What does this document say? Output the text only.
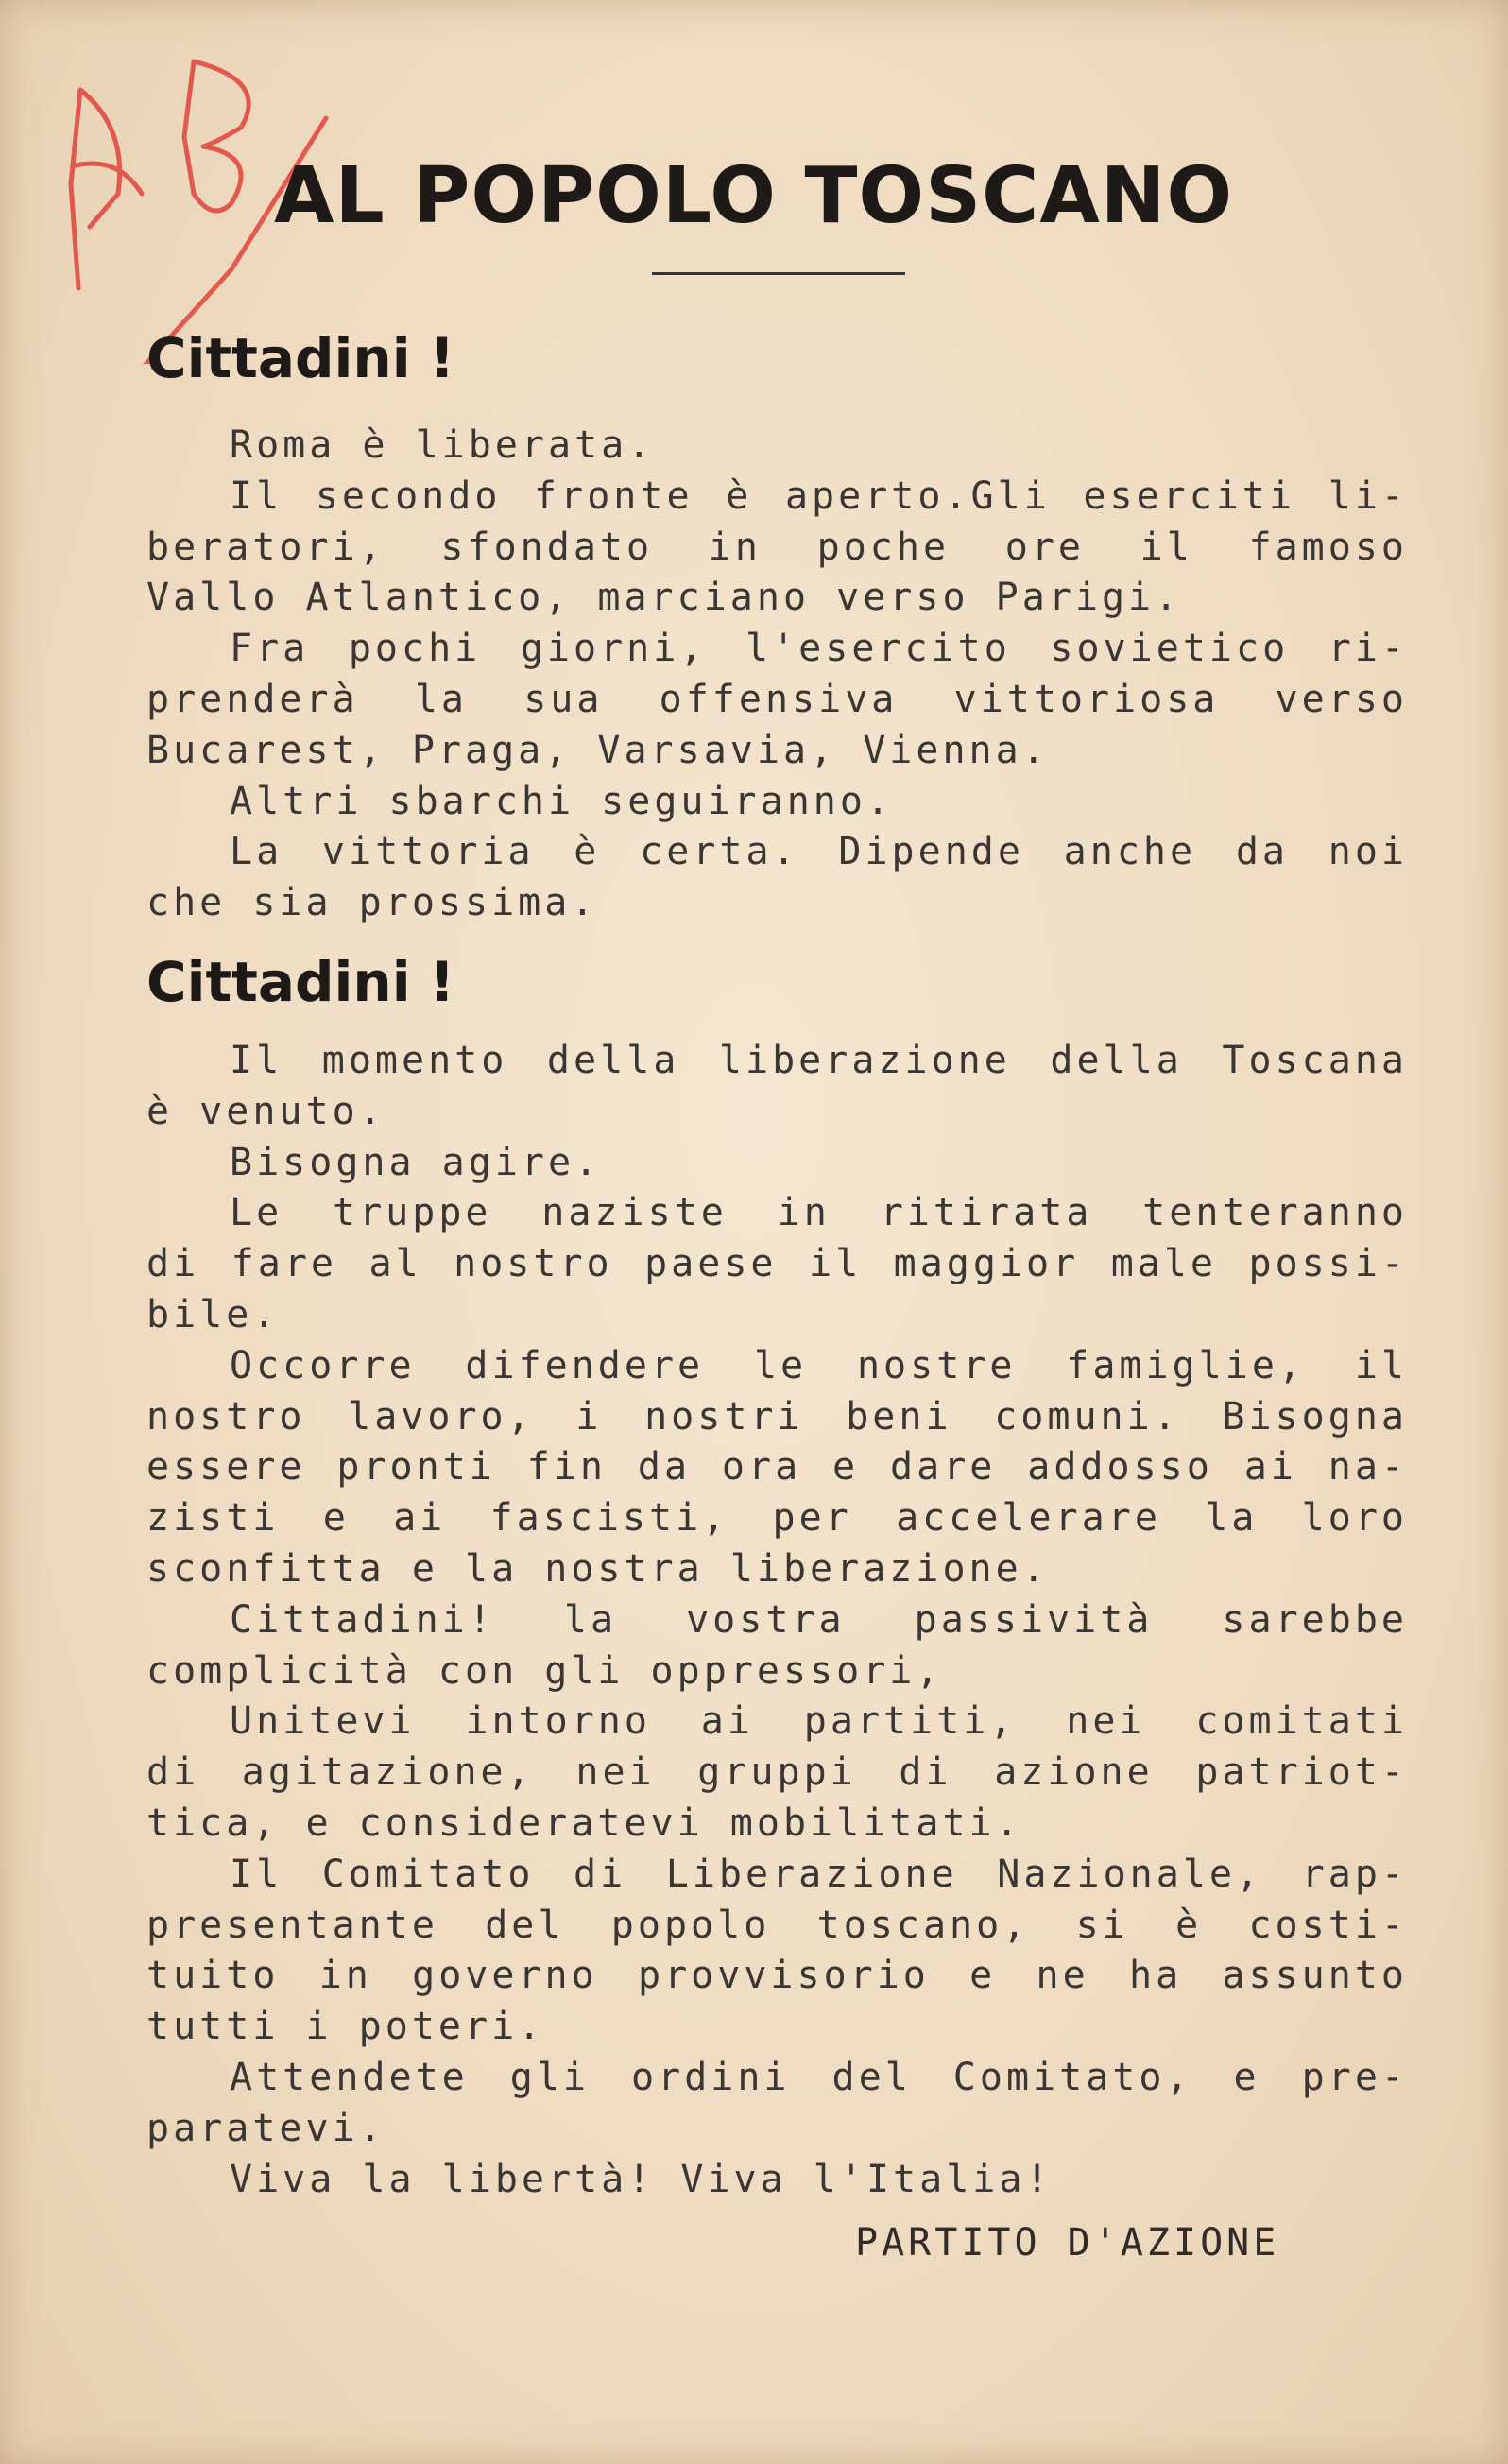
AL POPOLO TOSCANO
Cittadini !
Roma è liberata.
Il secondo fronte è aperto.Gli eserciti li-
beratori, sfondato in poche ore il famoso
Vallo Atlantico, marciano verso Parigi.
Fra pochi giorni, l'esercito sovietico ri-
prenderà la sua offensiva vittoriosa verso
Bucarest, Praga, Varsavia, Vienna.
Altri sbarchi seguiranno.
La vittoria è certa. Dipende anche da noi
che sia prossima.
Cittadini !
Il momento della liberazione della Toscana
è venuto.
Bisogna agire.
Le truppe naziste in ritirata tenteranno
di fare al nostro paese il maggior male possi-
bile.
Occorre difendere le nostre famiglie, il
nostro lavoro, i nostri beni comuni. Bisogna
essere pronti fin da ora e dare addosso ai na-
zisti e ai fascisti, per accelerare la loro
sconfitta e la nostra liberazione.
Cittadini! la vostra passività sarebbe
complicità con gli oppressori,
Unitevi intorno ai partiti, nei comitati
di agitazione, nei gruppi di azione patriot-
tica, e consideratevi mobilitati.
Il Comitato di Liberazione Nazionale, rap-
presentante del popolo toscano, si è costi-
tuito in governo provvisorio e ne ha assunto
tutti i poteri.
Attendete gli ordini del Comitato, e pre-
paratevi.
Viva la libertà! Viva l'Italia!
PARTITO D'AZIONE
